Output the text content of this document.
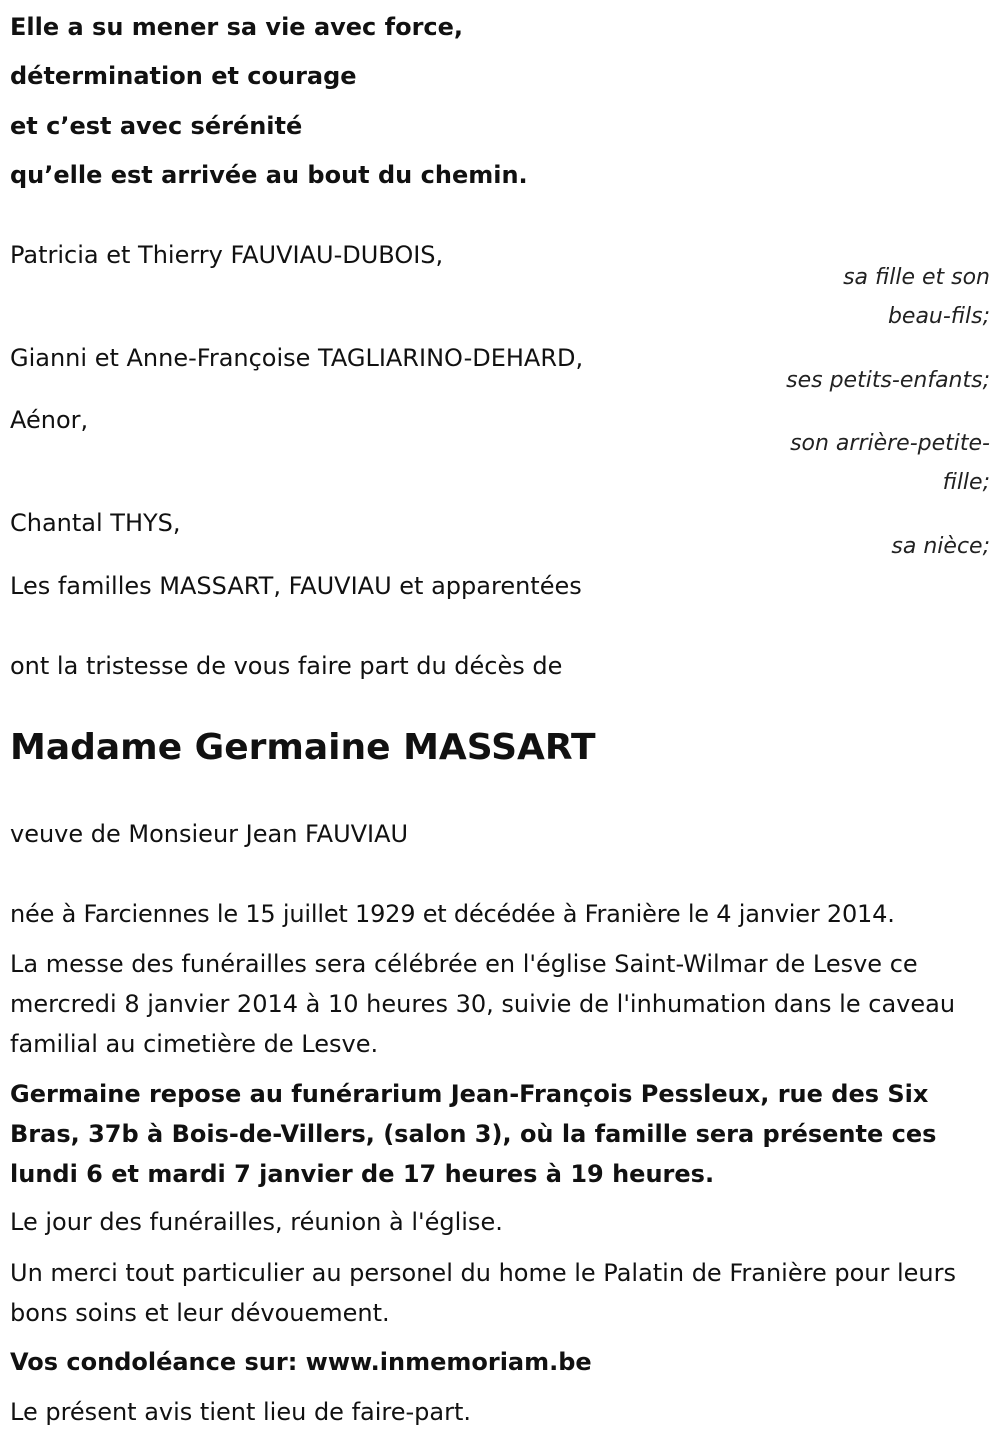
Elle a su mener sa vie avec force,
détermination et courage
et c’est avec sérénité
qu’elle est arrivée au bout du chemin.
Patricia et Thierry FAUVIAU-DUBOIS,
sa fille et son
beau-fils;
Gianni et Anne-Françoise TAGLIARINO-DEHARD,
ses petits-enfants;
Aénor,
son arrière-petite-
fille;
Chantal THYS,
sa nièce;
Les familles MASSART, FAUVIAU et apparentées
ont la tristesse de vous faire part du décès de
Madame Germaine MASSART
veuve de Monsieur Jean FAUVIAU
née à Farciennes le 15 juillet 1929 et décédée à Franière le 4 janvier 2014.
La messe des funérailles sera célébrée en l'église Saint-Wilmar de Lesve ce mercredi 8 janvier 2014 à 10 heures 30, suivie de l'inhumation dans le caveau familial au cimetière de Lesve.
Germaine repose au funérarium Jean-François Pessleux, rue des Six Bras, 37b à Bois-de-Villers, (salon 3), où la famille sera présente ces lundi 6 et mardi 7 janvier de 17 heures à 19 heures.
Le jour des funérailles, réunion à l'église.
Un merci tout particulier au personel du home le Palatin de Franière pour leurs bons soins et leur dévouement.
Vos condoléance sur: www.inmemoriam.be
Le présent avis tient lieu de faire-part.
